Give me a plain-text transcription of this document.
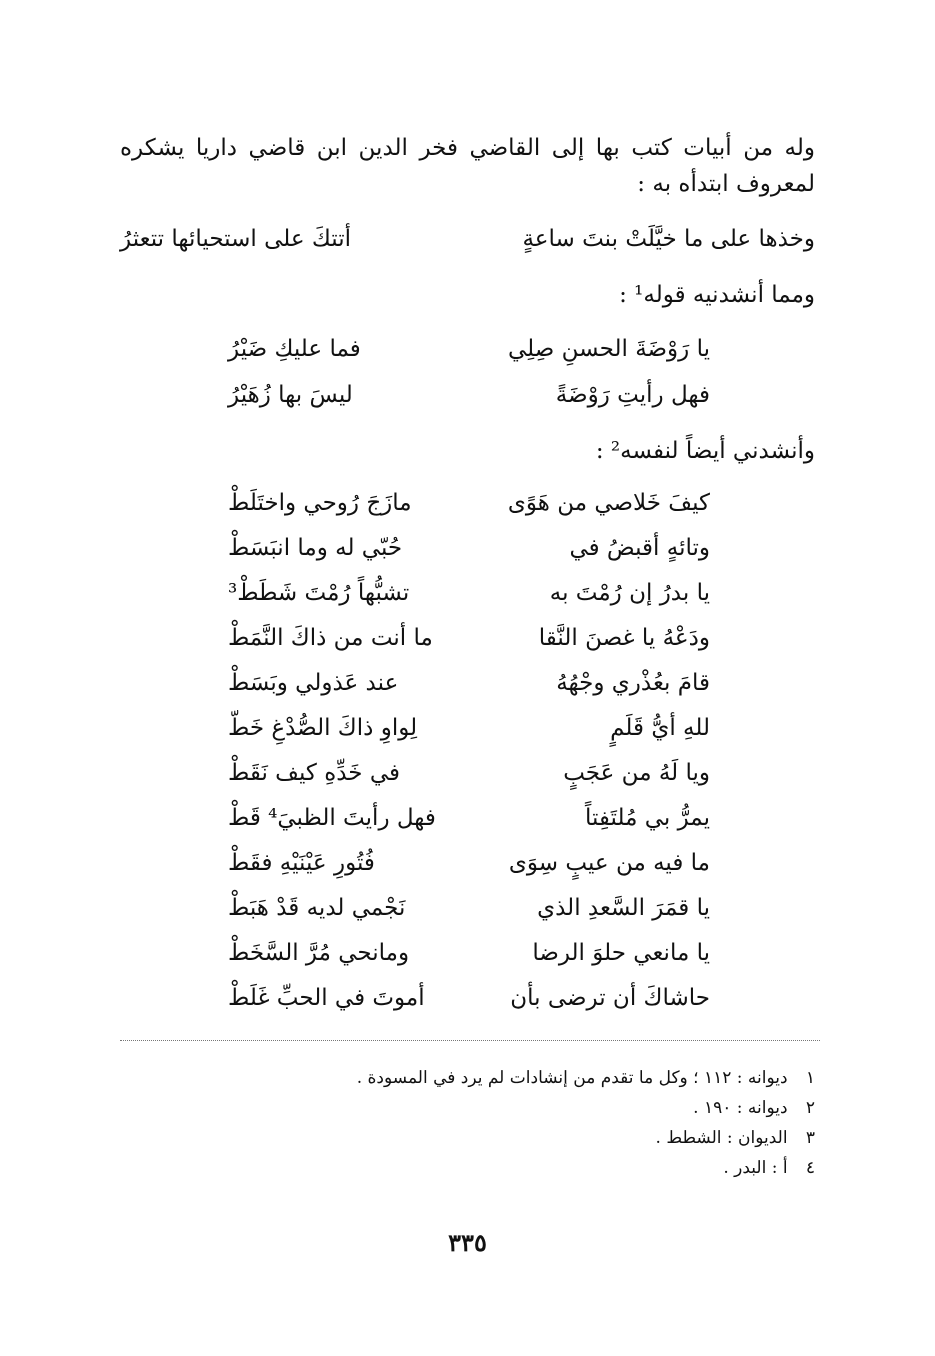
وله من أبيات كتب بها إلى القاضي فخر الدين ابن قاضي داريا يشكره لمعروف ابتدأه به :
وخذها على ما خيَّلَتْ بنتَ ساعةٍ
أتتكَ على استحيائها تتعثرُ
ومما أنشدنيه قوله¹ :
يا رَوْضَةَ الحسنِ صِلِي
فما عليكِ ضَيْرُ
فهل رأيتِ رَوْضَةً
ليسَ بها زُهَيْرُ
وأنشدني أيضاً لنفسه² :
كيفَ خَلاصي من هَوًى
مازَجَ رُوحي واختَلَطْ
وتائهٍ أقبضُ في
حُبّي له وما انبَسَطْ
يا بدرُ إن رُمْتَ به
تشبُّهاً رُمْتَ شَطَطْ³
ودَعْهُ يا غصنَ النَّقا
ما أنت من ذاكَ النَّمَطْ
قامَ بعُذْري وجْهُهُ
عند عَذولي وبَسَطْ
للهِ أيُّ قَلَمٍ
لِواوِ ذاكَ الصُّدْغِ خَطّ
ويا لَهُ من عَجَبٍ
في خَدِّهِ كيف نَقَطْ
يمرُّ بي مُلتَفِتاً
فهل رأيتَ الظبيَ⁴ قَطْ
ما فيه من عيبٍ سِوَى
فُتُورِ عَيْنَيْهِ فقَطْ
يا قمَرَ السَّعدِ الذي
نَجْمي لديه قَدْ هَبَطْ
يا مانعي حلوَ الرضا
ومانحي مُرَّ السَّخَطْ
حاشاكَ أن ترضى بأن
أموتَ في الحبِّ غَلَطْ
١ ديوانه : ١١٢ ؛ وكل ما تقدم من إنشادات لم يرد في المسودة .
٢ ديوانه : ١٩٠ .
٣ الديوان : الشطط .
٤ أ : البدر .
٣٣٥
